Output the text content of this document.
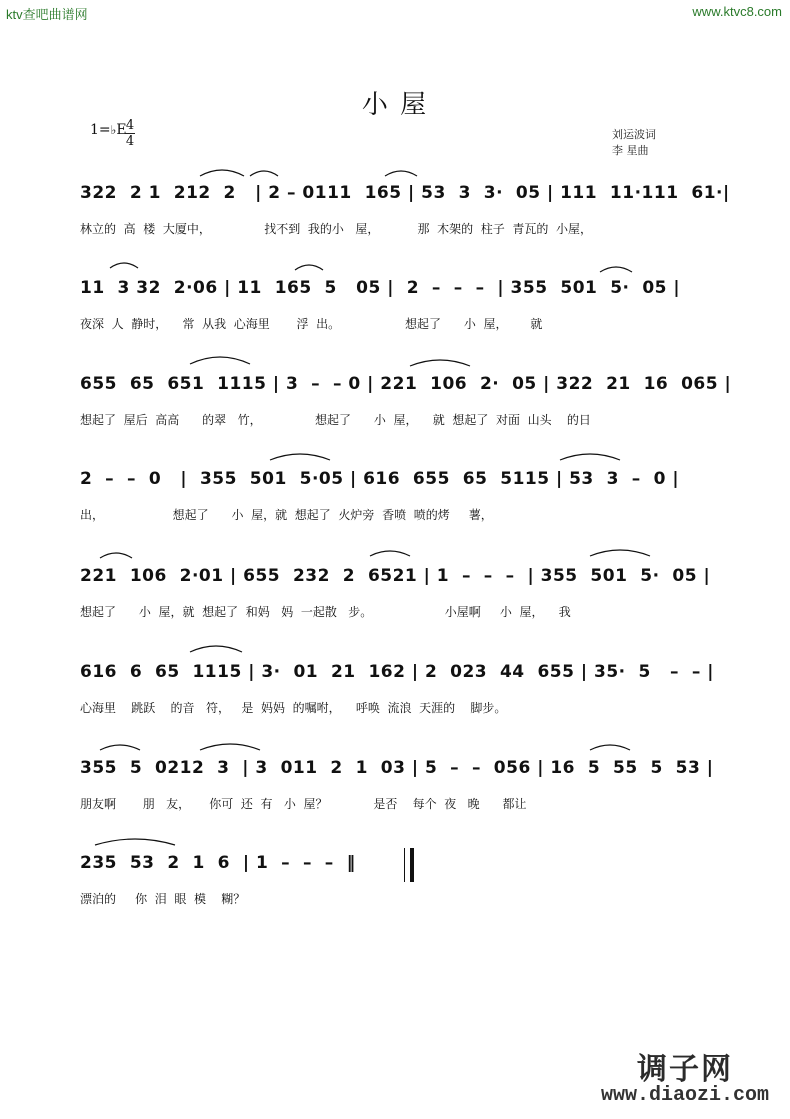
ktv查吧曲谱网	www.ktvc8.com
小 屋
1=♭E 4
4	刘运波词
李 星曲
322  2 1  212  2   | 2 – 0111  165 | 53  3  3·  05 | 111  11·111  61·|
林立的  高  楼  大厦中，              找不到  我的小   屋，          那  木架的  柱子  青瓦的  小屋，
11  3 32  2·06 | 11  165  5   05 |  2  –  –  –  | 355  501  5·  05 |
夜深  人  静时，    常  从我  心海里       浮  出。                 想起了      小  屋，      就
655  65  651  1115 | 3  –  – 0 | 221  106  2·  05 | 322  21  16  065 |
想起了  屋后  高高      的翠   竹，              想起了      小  屋，    就  想起了  对面  山头    的日
2  –  –  0   |  355  501  5·05 | 616  655  65  5115 | 53  3  –  0 |
出，                  想起了      小  屋，就  想起了  火炉旁  香喷  喷的烤     薯，
221  106  2·01 | 655  232  2  6521 | 1  –  –  –  | 355  501  5·  05 |
想起了      小  屋，就  想起了  和妈   妈  一起散   步。                   小屋啊     小  屋，    我
616  6  65  1115 | 3·  01  21  162 | 2  023  44  655 | 35·  5   –  – |
心海里    跳跃    的音   符，   是  妈妈  的嘱咐，    呼唤  流浪  天涯的    脚步。
355  5  0212  3  | 3  011  2  1  03 | 5  –  –  056 | 16  5  55  5  53 |
朋友啊       朋   友，     你可  还  有   小  屋？            是否    每个  夜   晚      都让
235  53  2  1  6  | 1  –  –  –  ‖
漂泊的     你  泪  眼  模    糊？
调子网
www.diaozi.com
